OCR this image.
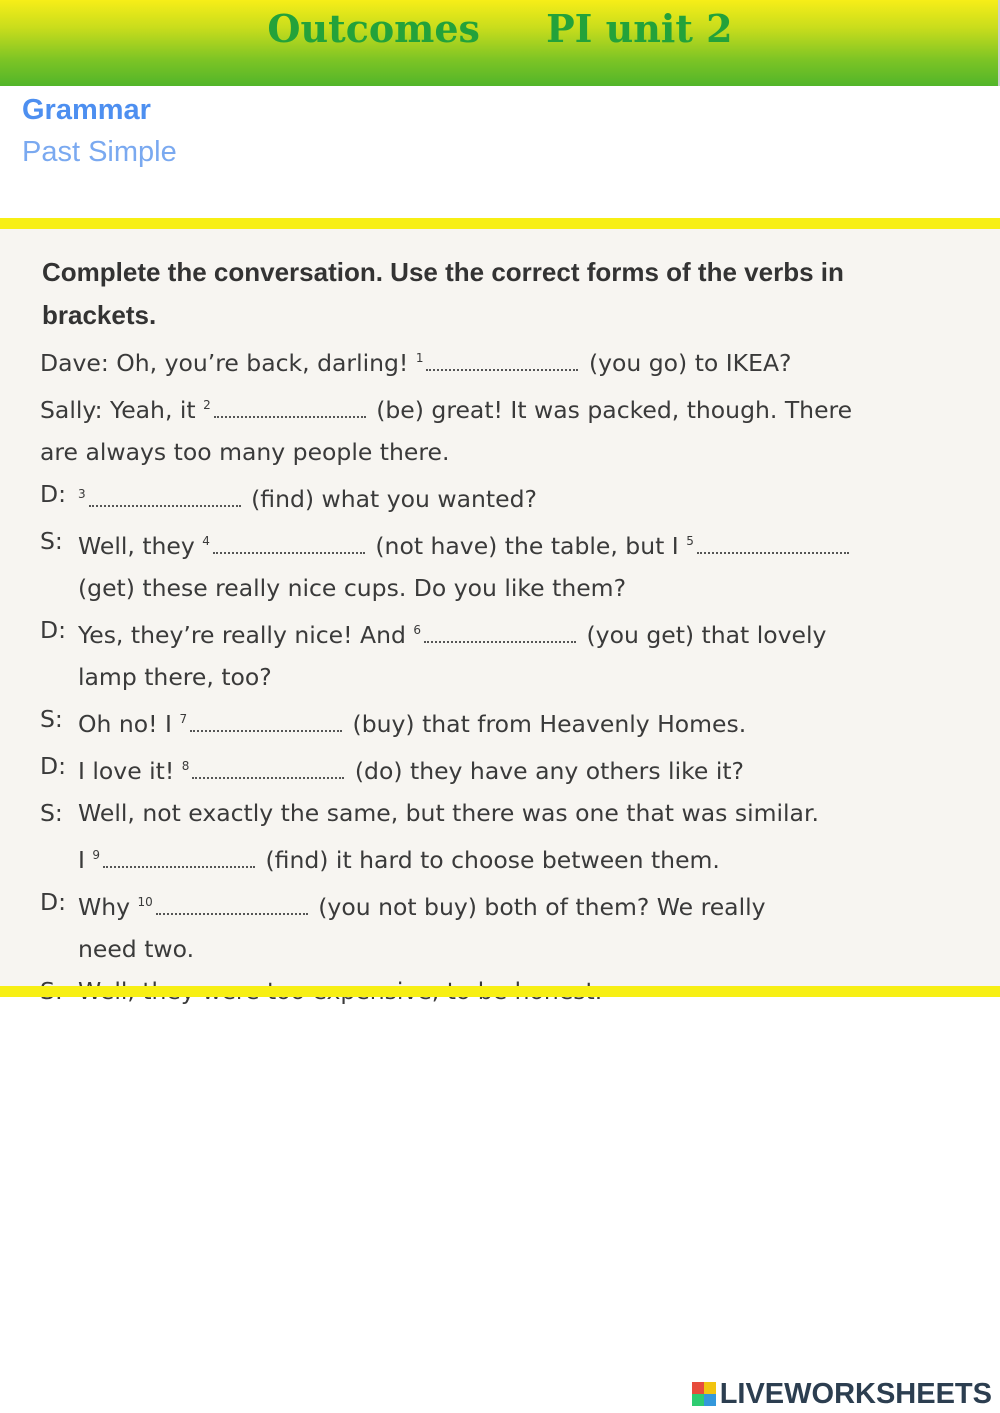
Outcomes     PI unit 2
Grammar
Past Simple
Complete the conversation. Use the correct forms of the verbs in brackets.
Dave: Oh, you’re back, darling! $^1$	(you go) to IKEA?
Sally: Yeah, it $^2$	(be) great! It was packed, though. There
are always too many people there.
D: $^3$	(find) what you wanted?
S: Well, they $^4$	(not have) the table, but I $^5$
(get) these really nice cups. Do you like them?
D: Yes, they’re really nice! And $^6$	(you get) that lovely
lamp there, too?
S: Oh no! I $^7$	(buy) that from Heavenly Homes.
D: I love it! $^8$	(do) they have any others like it?
S: Well, not exactly the same, but there was one that was similar.
I $^9$	(find) it hard to choose between them.
D: Why $^{10}$	(you not buy) both of them? We really
need two.
LIVEWORKSHEETS
